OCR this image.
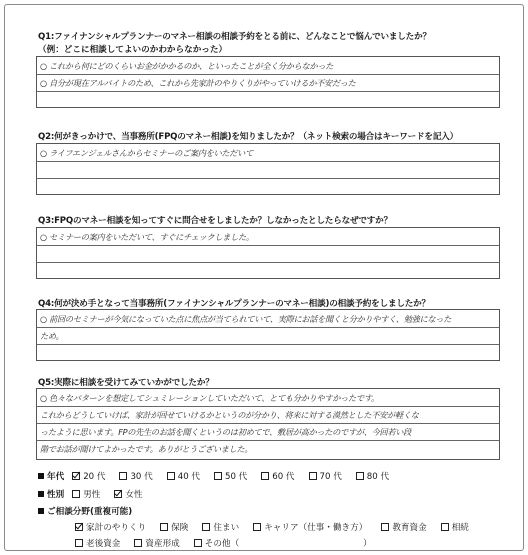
Q1:ファイナンシャルプランナーのマネー相談の相談予約をとる前に、どんなことで悩んでいましたか？
（例：どこに相談してよいのかわからなかった）
○ これから何にどのくらいお金がかかるのか、といったことが全く分からなかった
○ 自分が現在アルバイトのため、これから先家計のやりくりがやっていけるか不安だった
Q2:何がきっかけで、当事務所(FPQのマネー相談)を知りましたか？（ネット検索の場合はキーワードを記入）
○ ライフエンジェルさんからセミナーのご案内をいただいて
Q3:FPQのマネー相談を知ってすぐに問合せをしましたか？しなかったとしたらなぜですか？
○ セミナーの案内をいただいて、すぐにチェックしました。
Q4:何が決め手となって当事務所(ファイナンシャルプランナーのマネー相談)の相談予約をしましたか？
○ 前回のセミナーが今気になっていた点に焦点が当てられていて、実際にお話を聞くと分かりやすく、勉強になった
ため。
Q5:実際に相談を受けてみていかがでしたか？
○ 色々なパターンを想定してシュミレーションしていただいて、とても分かりやすかったです。
これからどうしていけば、家計が回せていけるかというのが分かり、将来に対する漠然とした不安が軽くな
ったように思います。FPの先生のお話を聞くというのは初めてで、敷居が高かったのですが、今回若い段
階でお話が聞けてよかったです。ありがとうございました。
年代 20 代	30 代	40 代	50 代	60 代	70 代	80 代
性別 男性	女性
ご相談分野(重複可能)
家計のやりくり	保険	住まい	キャリア（仕事・働き方）	教育資金	相続
老後資金	資産形成	その他（	）
